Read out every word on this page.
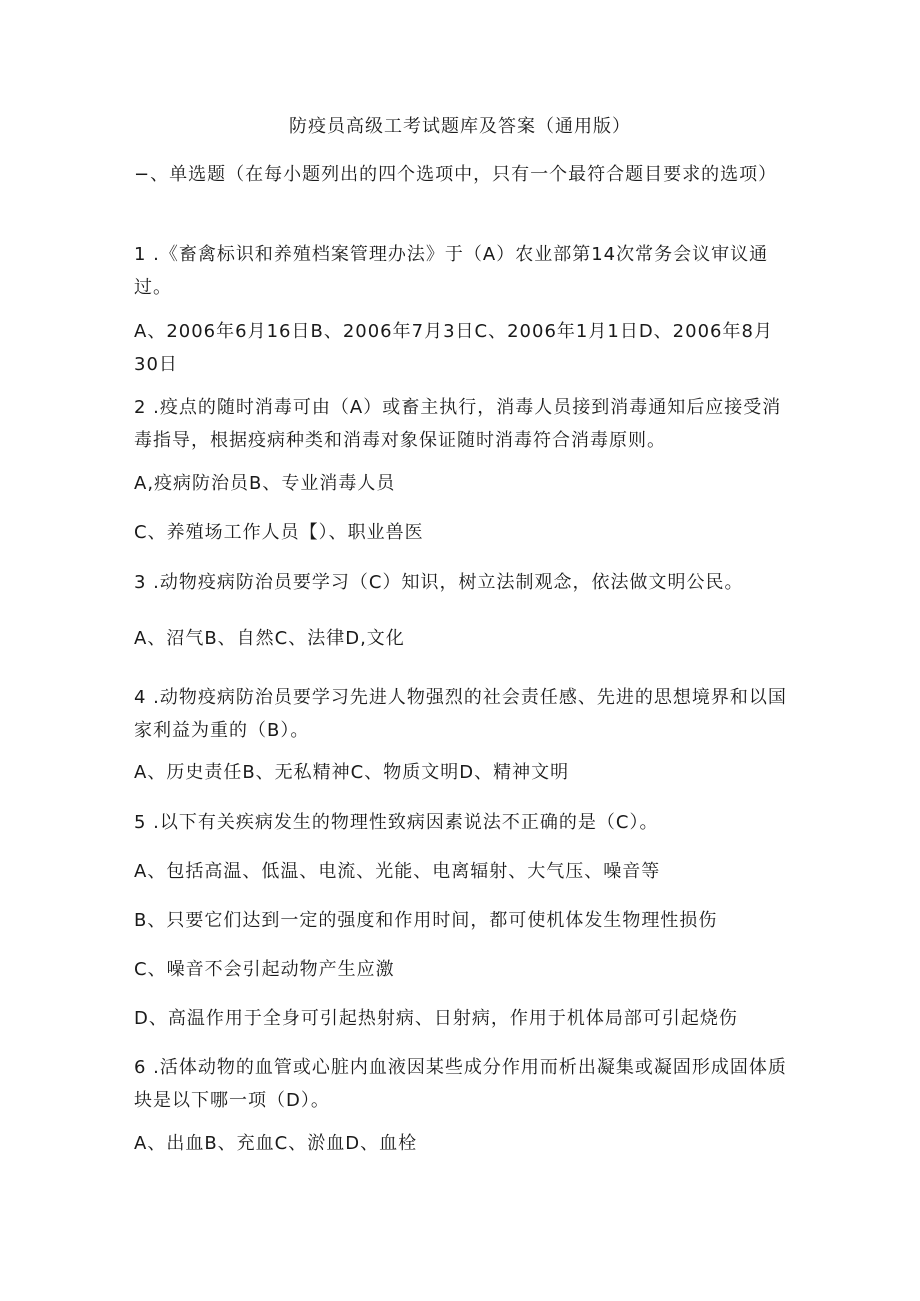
防疫员高级工考试题库及答案（通用版）

−、单选题（在每小题列出的四个选项中，只有一个最符合题目要求的选项）

1 .《畜禽标识和养殖档案管理办法》于（A）农业部第14次常务会议审议通过。

A、2006年6月16日B、2006年7月3日C、2006年1月1日D、2006年8月30日

2 .疫点的随时消毒可由（A）或畜主执行，消毒人员接到消毒通知后应接受消毒指导，根据疫病种类和消毒对象保证随时消毒符合消毒原则。

A,疫病防治员B、专业消毒人员

C、养殖场工作人员【）、职业兽医

3 .动物疫病防治员要学习（C）知识，树立法制观念，依法做文明公民。

A、沼气B、自然C、法律D,文化

4 .动物疫病防治员要学习先进人物强烈的社会责任感、先进的思想境界和以国家利益为重的（B）。

A、历史责任B、无私精神C、物质文明D、精神文明

5 .以下有关疾病发生的物理性致病因素说法不正确的是（C）。

A、包括高温、低温、电流、光能、电离辐射、大气压、噪音等

B、只要它们达到一定的强度和作用时间，都可使机体发生物理性损伤

C、噪音不会引起动物产生应激

D、高温作用于全身可引起热射病、日射病，作用于机体局部可引起烧伤

6 .活体动物的血管或心脏内血液因某些成分作用而析出凝集或凝固形成固体质块是以下哪一项（D）。

A、出血B、充血C、淤血D、血栓
